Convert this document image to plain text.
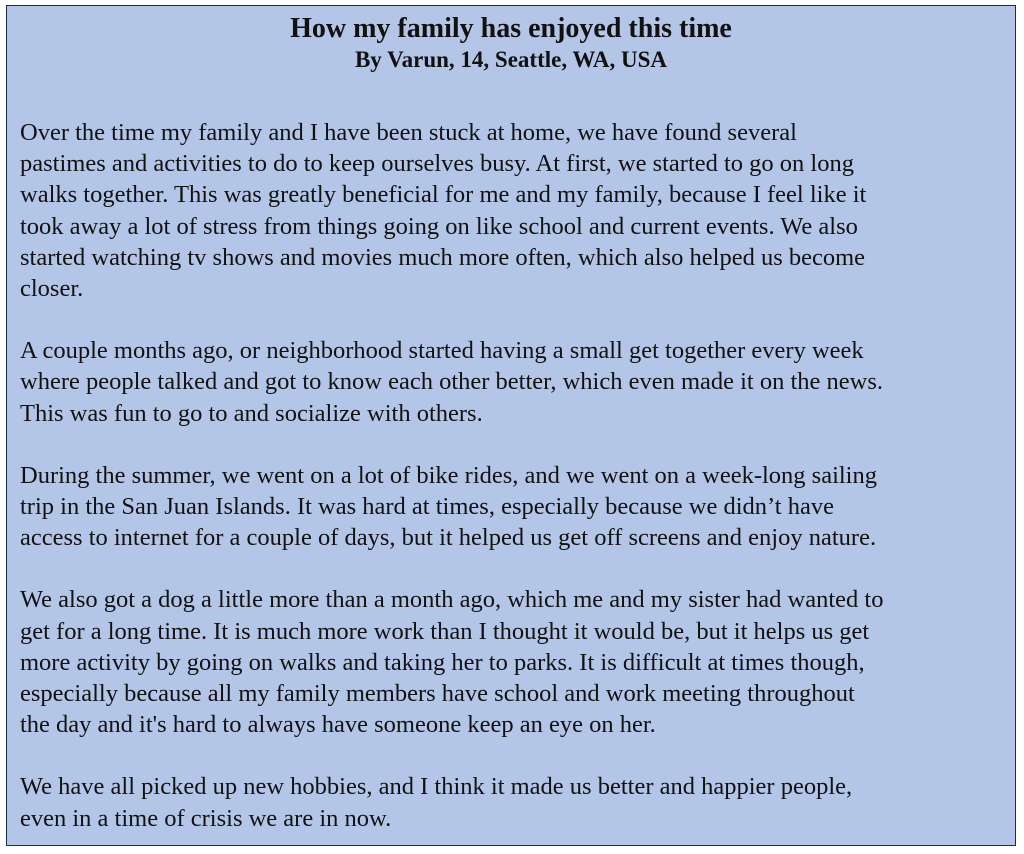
How my family has enjoyed this time
By Varun, 14, Seattle, WA, USA

Over the time my family and I have been stuck at home, we have found several
pastimes and activities to do to keep ourselves busy. At first, we started to go on long
walks together. This was greatly beneficial for me and my family, because I feel like it
took away a lot of stress from things going on like school and current events. We also
started watching tv shows and movies much more often, which also helped us become
closer.

A couple months ago, or neighborhood started having a small get together every week
where people talked and got to know each other better, which even made it on the news.
This was fun to go to and socialize with others.

During the summer, we went on a lot of bike rides, and we went on a week-long sailing
trip in the San Juan Islands. It was hard at times, especially because we didn’t have
access to internet for a couple of days, but it helped us get off screens and enjoy nature.

We also got a dog a little more than a month ago, which me and my sister had wanted to
get for a long time. It is much more work than I thought it would be, but it helps us get
more activity by going on walks and taking her to parks. It is difficult at times though,
especially because all my family members have school and work meeting throughout
the day and it's hard to always have someone keep an eye on her.

We have all picked up new hobbies, and I think it made us better and happier people,
even in a time of crisis we are in now.
